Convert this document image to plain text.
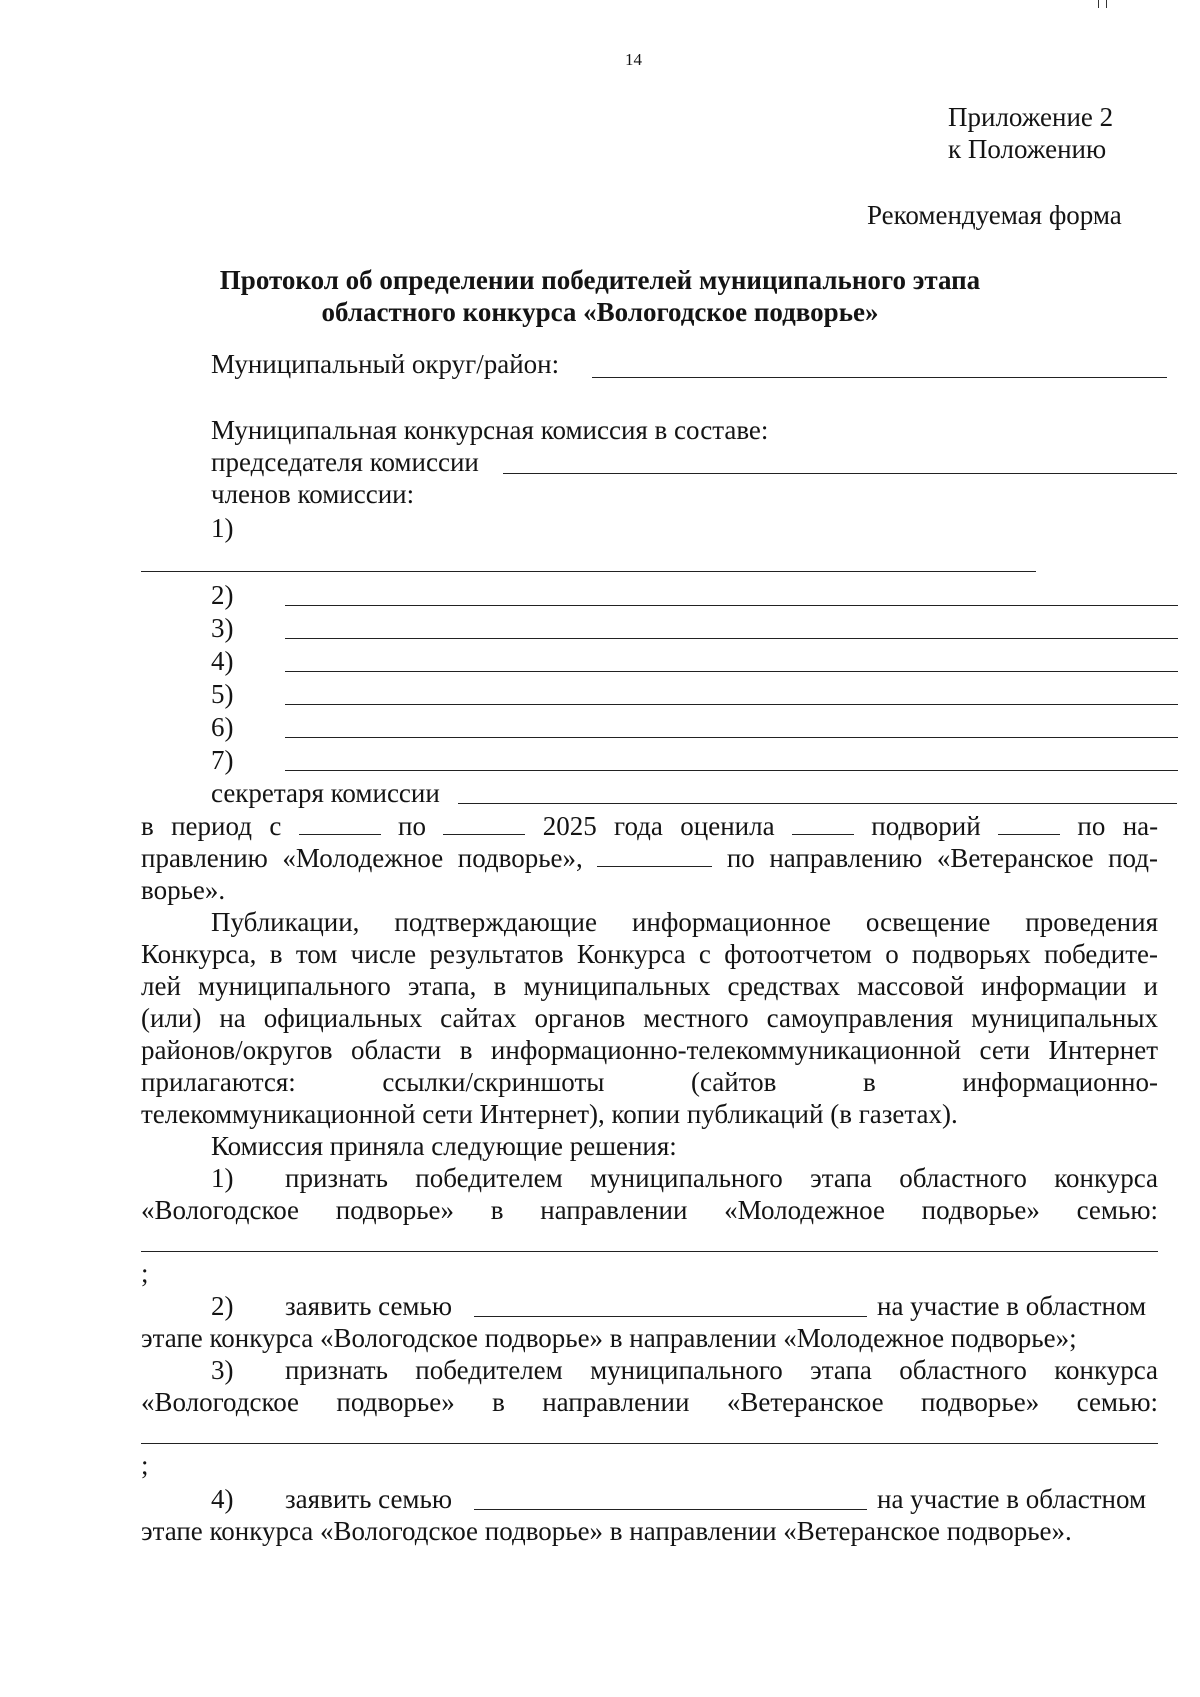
14
Приложение 2
к Положению
Рекомендуемая форма
Протокол об определении победителей муниципального этапа
областного конкурса «Вологодское подворье»
Муниципальный округ/район:
Муниципальная конкурсная комиссия в составе:
председателя комиссии
членов комиссии:
1)
2)
3)
4)
5)
6)
7)
секретаря комиссии
в период с	по	2025 года оценила	подворий	по на-
правлению «Молодежное подворье»,	по направлению «Ветеранское под-
ворье».
Публикации, подтверждающие информационное освещение проведения
Конкурса, в том числе результатов Конкурса с фотоотчетом о подворьях победите-
лей муниципального этапа, в муниципальных средствах массовой информации и
(или) на официальных сайтах органов местного самоуправления муниципальных
районов/округов области в информационно-телекоммуникационной сети Интернет
прилагаются: ссылки/скриншоты (сайтов в информационно-
телекоммуникационной сети Интернет), копии публикаций (в газетах).
Комиссия приняла следующие решения:
1) признать победителем муниципального этапа областного конкурса
«Вологодское подворье» в направлении «Молодежное подворье» семью:
;
2) заявить семью	на участие в областном
этапе конкурса «Вологодское подворье» в направлении «Молодежное подворье»;
3) признать победителем муниципального этапа областного конкурса
«Вологодское подворье» в направлении «Ветеранское подворье» семью:
;
4) заявить семью	на участие в областном
этапе конкурса «Вологодское подворье» в направлении «Ветеранское подворье».
